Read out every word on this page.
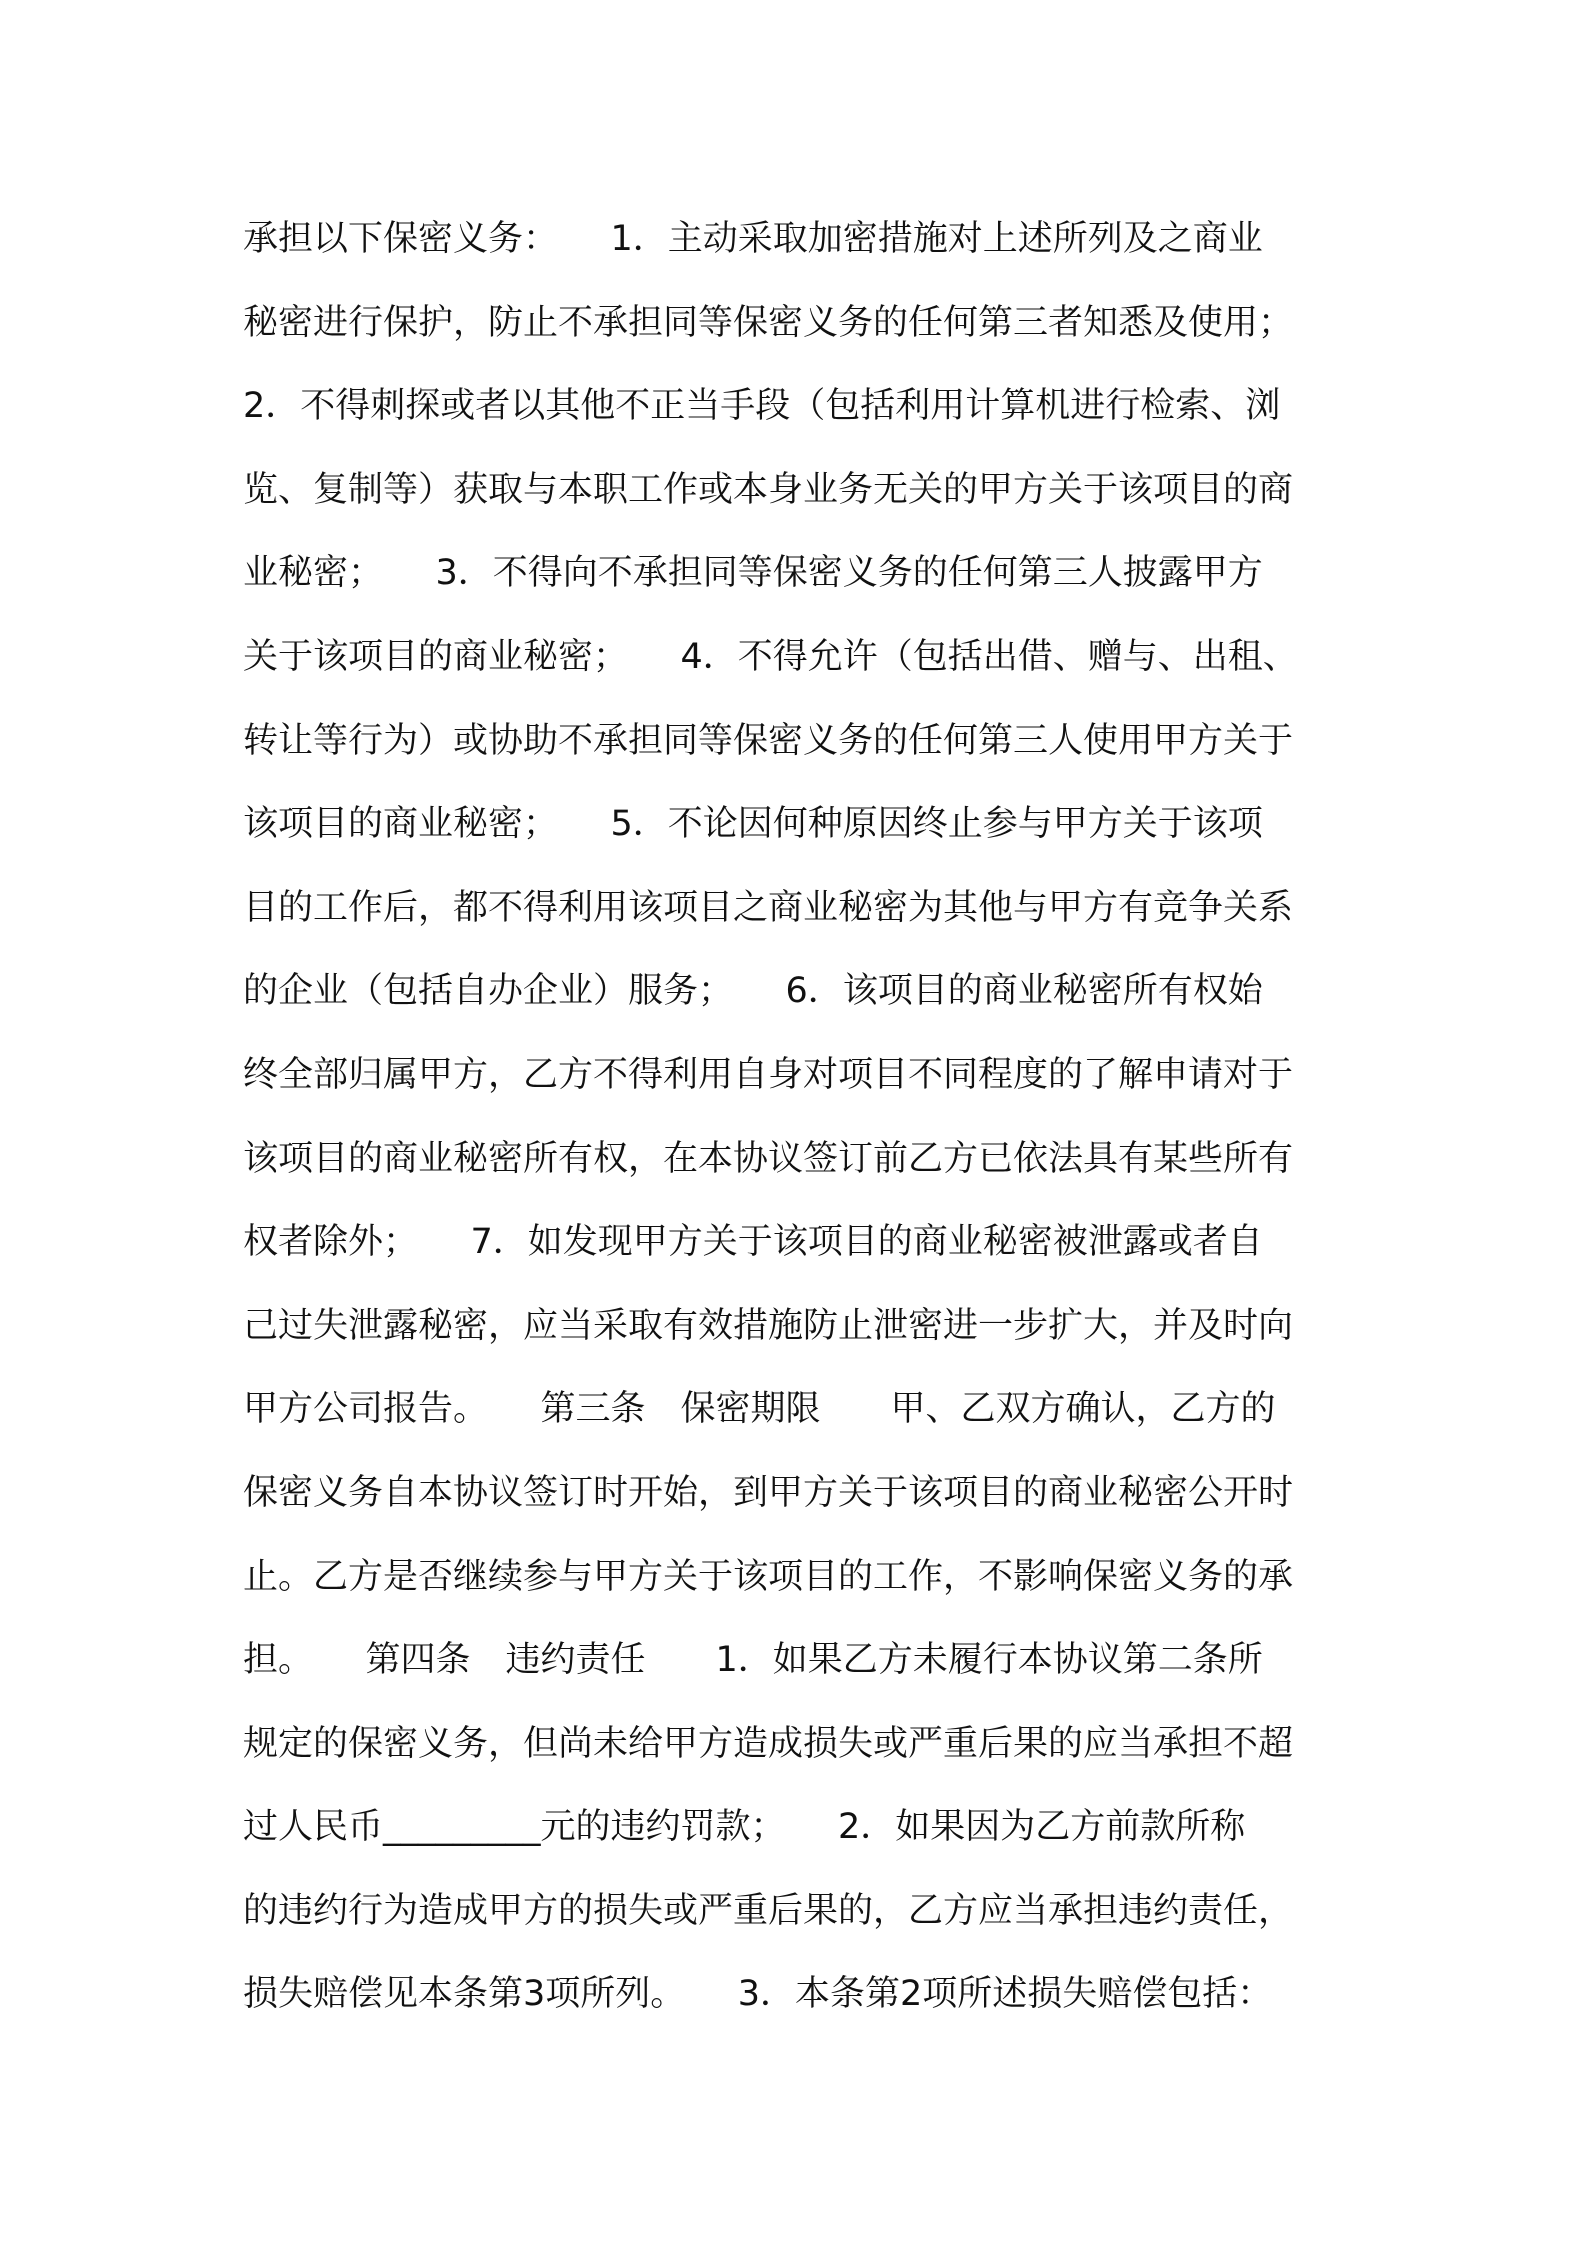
承担以下保密义务：　　1．主动采取加密措施对上述所列及之商业
秘密进行保护，防止不承担同等保密义务的任何第三者知悉及使用；
2．不得刺探或者以其他不正当手段（包括利用计算机进行检索、浏
览、复制等）获取与本职工作或本身业务无关的甲方关于该项目的商
业秘密；　　3．不得向不承担同等保密义务的任何第三人披露甲方
关于该项目的商业秘密；　　4．不得允许（包括出借、赠与、出租、
转让等行为）或协助不承担同等保密义务的任何第三人使用甲方关于
该项目的商业秘密；　　5．不论因何种原因终止参与甲方关于该项
目的工作后，都不得利用该项目之商业秘密为其他与甲方有竞争关系
的企业（包括自办企业）服务；　　6．该项目的商业秘密所有权始
终全部归属甲方，乙方不得利用自身对项目不同程度的了解申请对于
该项目的商业秘密所有权，在本协议签订前乙方已依法具有某些所有
权者除外；　　7．如发现甲方关于该项目的商业秘密被泄露或者自
己过失泄露秘密，应当采取有效措施防止泄密进一步扩大，并及时向
甲方公司报告。　　第三条　保密期限　　甲、乙双方确认，乙方的
保密义务自本协议签订时开始，到甲方关于该项目的商业秘密公开时
止。乙方是否继续参与甲方关于该项目的工作，不影响保密义务的承
担。　　第四条　违约责任　　1．如果乙方未履行本协议第二条所
规定的保密义务，但尚未给甲方造成损失或严重后果的应当承担不超
过人民币_________元的违约罚款；　　2．如果因为乙方前款所称
的违约行为造成甲方的损失或严重后果的，乙方应当承担违约责任，
损失赔偿见本条第3项所列。　　3．本条第2项所述损失赔偿包括：
